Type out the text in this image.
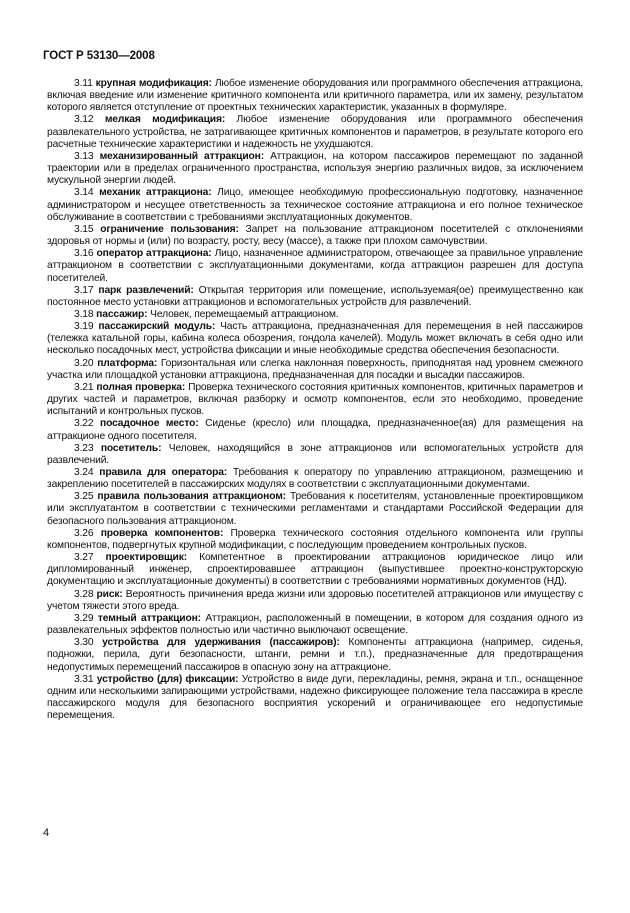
ГОСТ Р 53130—2008

3.11 крупная модификация: Любое изменение оборудования или программного обеспечения аттракциона, включая введение или изменение критичного компонента или критичного параметра, или их замену, результатом которого является отступление от проектных технических характеристик, указанных в формуляре.

3.12 мелкая модификация: Любое изменение оборудования или программного обеспечения развлекательного устройства, не затрагивающее критичных компонентов и параметров, в результате которого его расчетные технические характеристики и надежность не ухудшаются.

3.13 механизированный аттракцион: Аттракцион, на котором пассажиров перемещают по заданной траектории или в пределах ограниченного пространства, используя энергию различных видов, за исключением мускульной энергии людей.

3.14 механик аттракциона: Лицо, имеющее необходимую профессиональную подготовку, назначенное администратором и несущее ответственность за техническое состояние аттракциона и его полное техническое обслуживание в соответствии с требованиями эксплуатационных документов.

3.15 ограничение пользования: Запрет на пользование аттракционом посетителей с отклонениями здоровья от нормы и (или) по возрасту, росту, весу (массе), а также при плохом самочувствии.

3.16 оператор аттракциона: Лицо, назначенное администратором, отвечающее за правильное управление аттракционом в соответствии с эксплуатационными документами, когда аттракцион разрешен для доступа посетителей.

3.17 парк развлечений: Открытая территория или помещение, используемая(ое) преимущественно как постоянное место установки аттракционов и вспомогательных устройств для развлечений.

3.18 пассажир: Человек, перемещаемый аттракционом.

3.19 пассажирский модуль: Часть аттракциона, предназначенная для перемещения в ней пассажиров (тележка катальной горы, кабина колеса обозрения, гондола качелей). Модуль может включать в себя одно или несколько посадочных мест, устройства фиксации и иные необходимые средства обеспечения безопасности.

3.20 платформа: Горизонтальная или слегка наклонная поверхность, приподнятая над уровнем смежного участка или площадкой установки аттракциона, предназначенная для посадки и высадки пассажиров.

3.21 полная проверка: Проверка технического состояния критичных компонентов, критичных параметров и других частей и параметров, включая разборку и осмотр компонентов, если это необходимо, проведение испытаний и контрольных пусков.

3.22 посадочное место: Сиденье (кресло) или площадка, предназначенное(ая) для размещения на аттракционе одного посетителя.

3.23 посетитель: Человек, находящийся в зоне аттракционов или вспомогательных устройств для развлечений.

3.24 правила для оператора: Требования к оператору по управлению аттракционом, размещению и закреплению посетителей в пассажирских модулях в соответствии с эксплуатационными документами.

3.25 правила пользования аттракционом: Требования к посетителям, установленные проектировщиком или эксплуатантом в соответствии с техническими регламентами и стандартами Российской Федерации для безопасного пользования аттракционом.

3.26 проверка компонентов: Проверка технического состояния отдельного компонента или группы компонентов, подвергнутых крупной модификации, с последующим проведением контрольных пусков.

3.27 проектировщик: Компетентное в проектировании аттракционов юридическое лицо или дипломированный инженер, спроектировавшее аттракцион (выпустившее проектно-конструкторскую документацию и эксплуатационные документы) в соответствии с требованиями нормативных документов (НД).

3.28 риск: Вероятность причинения вреда жизни или здоровью посетителей аттракционов или имуществу с учетом тяжести этого вреда.

3.29 темный аттракцион: Аттракцион, расположенный в помещении, в котором для создания одного из развлекательных эффектов полностью или частично выключают освещение.

3.30 устройства для удерживания (пассажиров): Компоненты аттракциона (например, сиденья, подножки, перила, дуги безопасности, штанги, ремни и т.п.), предназначенные для предотвращения недопустимых перемещений пассажиров в опасную зону на аттракционе.

3.31 устройство (для) фиксации: Устройство в виде дуги, перекладины, ремня, экрана и т.п., оснащенное одним или несколькими запирающими устройствами, надежно фиксирующее положение тела пассажира в кресле пассажирского модуля для безопасного восприятия ускорений и ограничивающее его недопустимые перемещения.

4
